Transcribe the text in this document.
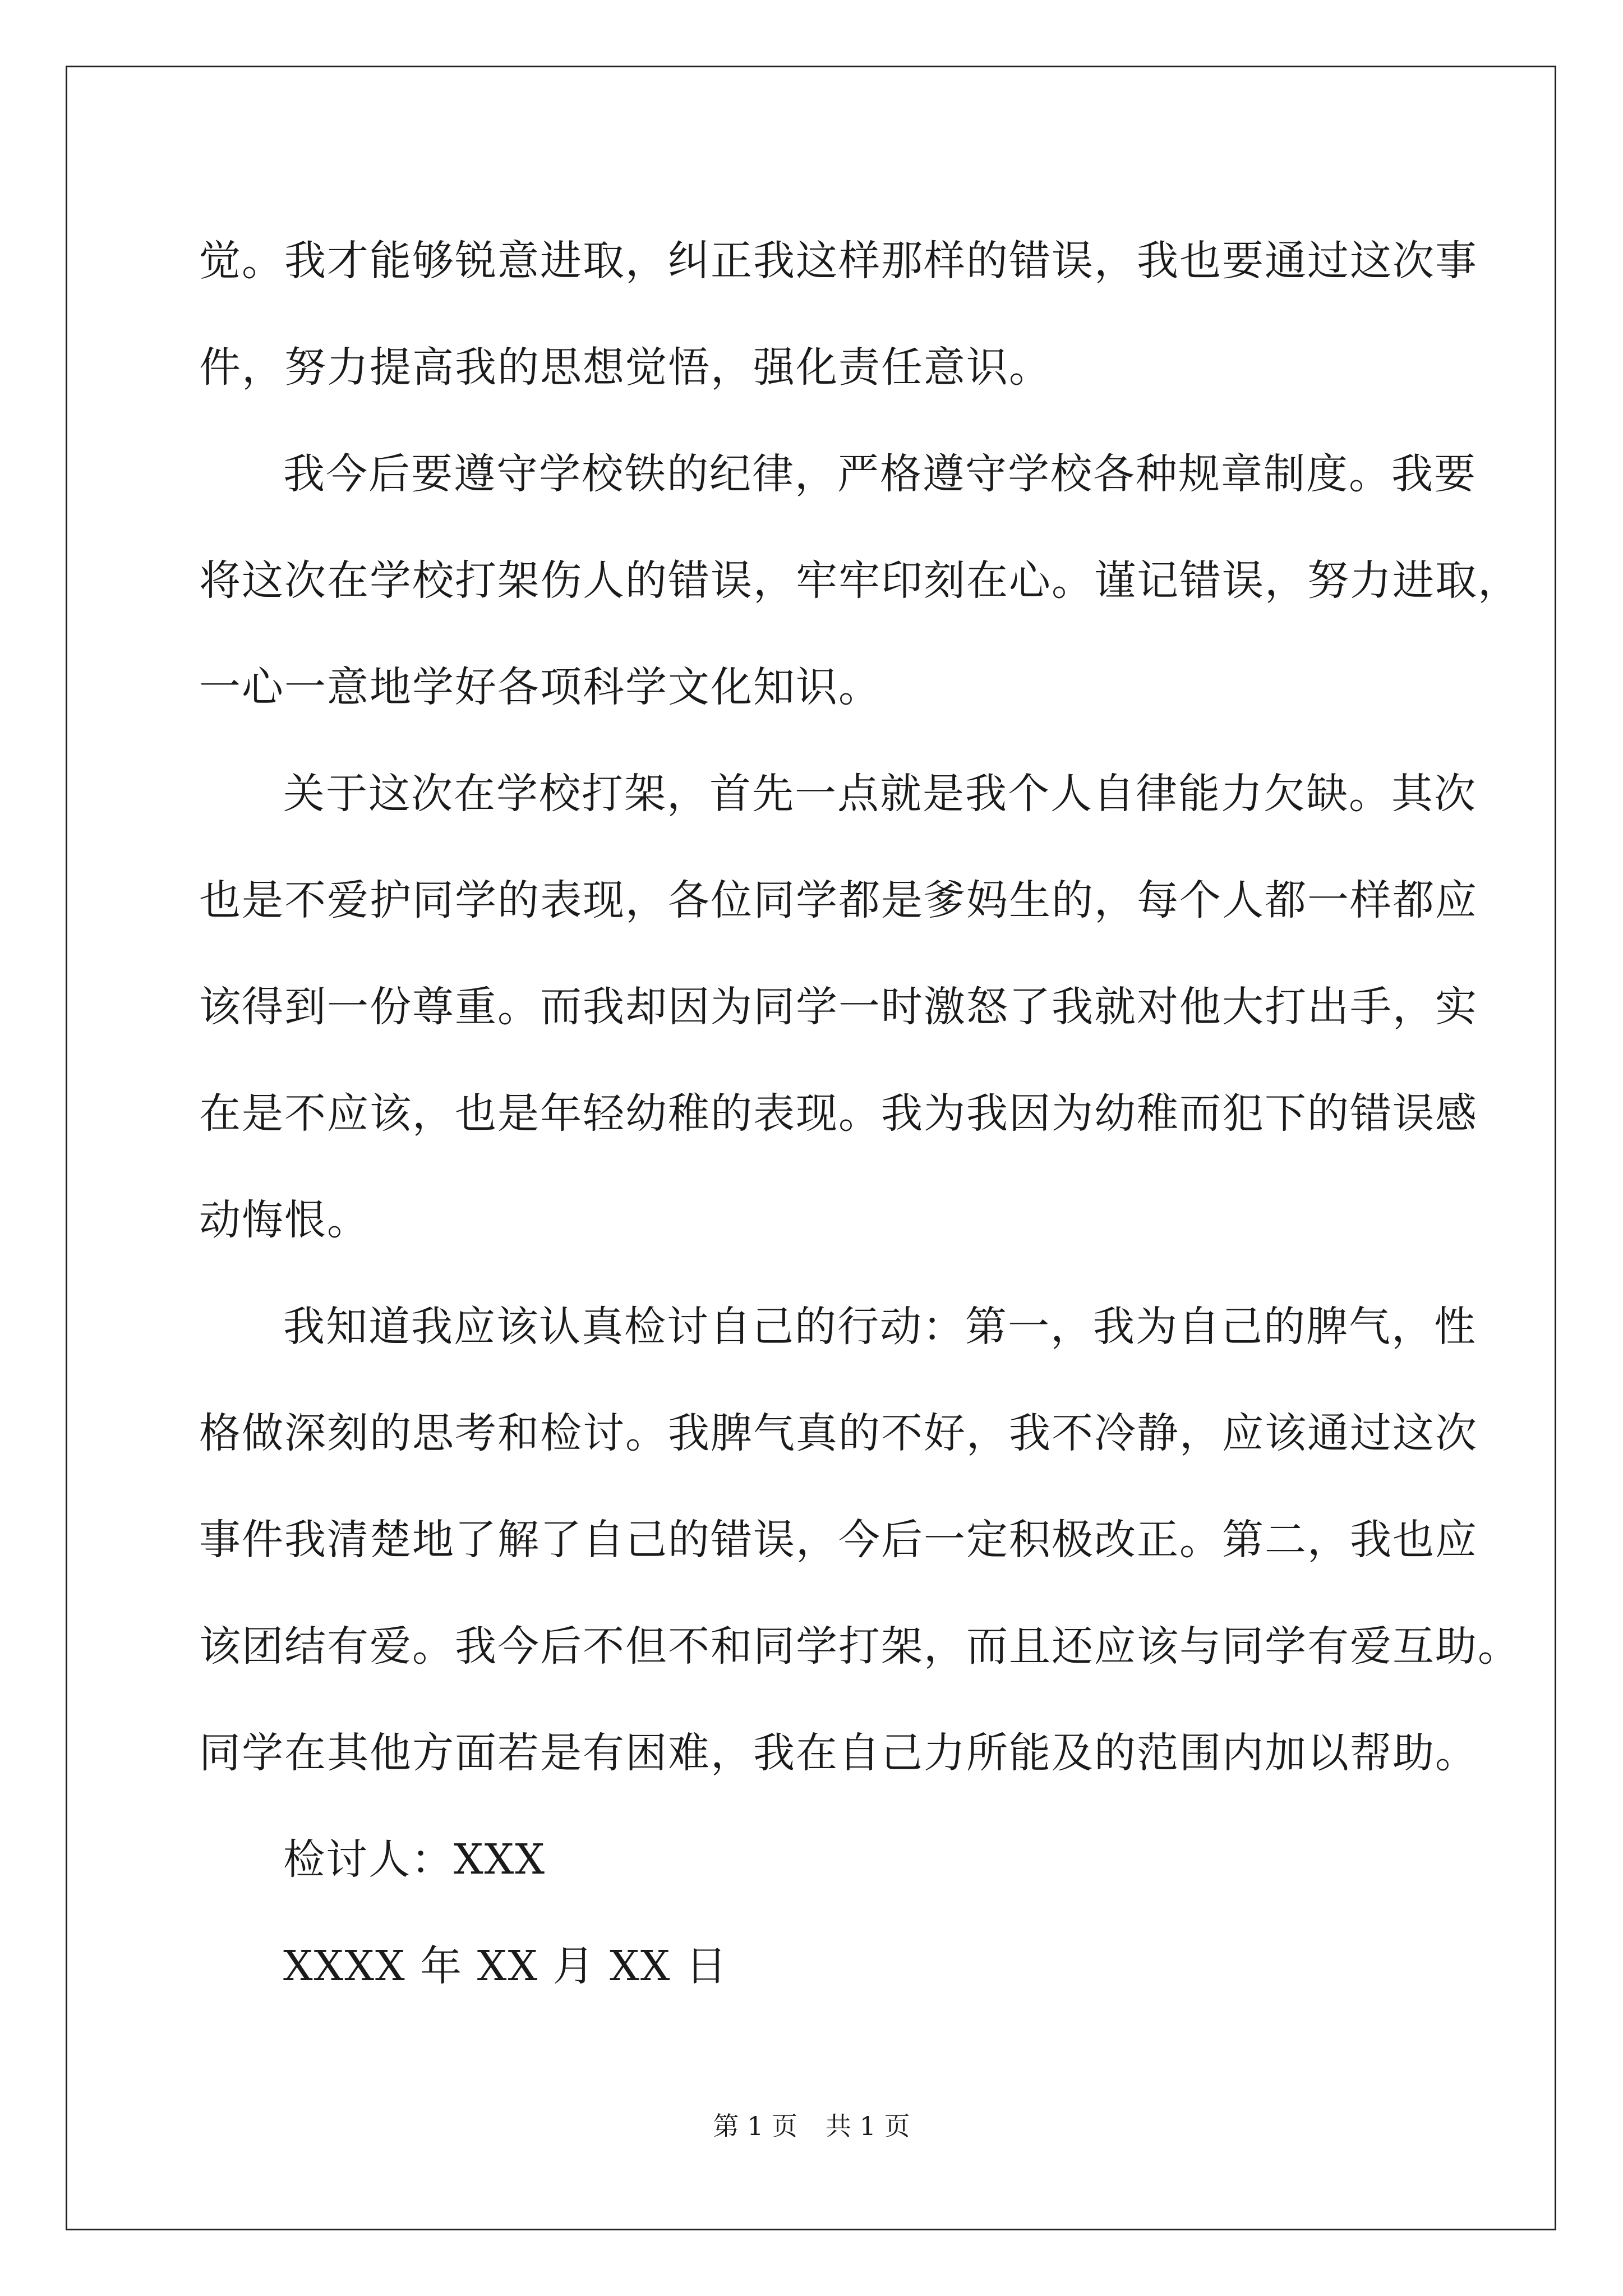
觉。我才能够锐意进取，纠正我这样那样的错误，我也要通过这次事
件，努力提高我的思想觉悟，强化责任意识。
我今后要遵守学校铁的纪律，严格遵守学校各种规章制度。我要
将这次在学校打架伤人的错误，牢牢印刻在心。谨记错误，努力进取，
一心一意地学好各项科学文化知识。
关于这次在学校打架，首先一点就是我个人自律能力欠缺。其次
也是不爱护同学的表现，各位同学都是爹妈生的，每个人都一样都应
该得到一份尊重。而我却因为同学一时激怒了我就对他大打出手，实
在是不应该，也是年轻幼稚的表现。我为我因为幼稚而犯下的错误感
动悔恨。
我知道我应该认真检讨自己的行动：第一，我为自己的脾气，性
格做深刻的思考和检讨。我脾气真的不好，我不冷静，应该通过这次
事件我清楚地了解了自己的错误，今后一定积极改正。第二，我也应
该团结有爱。我今后不但不和同学打架，而且还应该与同学有爱互助。
同学在其他方面若是有困难，我在自己力所能及的范围内加以帮助。
检讨人：XXX
XXXX 年 XX 月 XX 日
第 1 页 共 1 页
